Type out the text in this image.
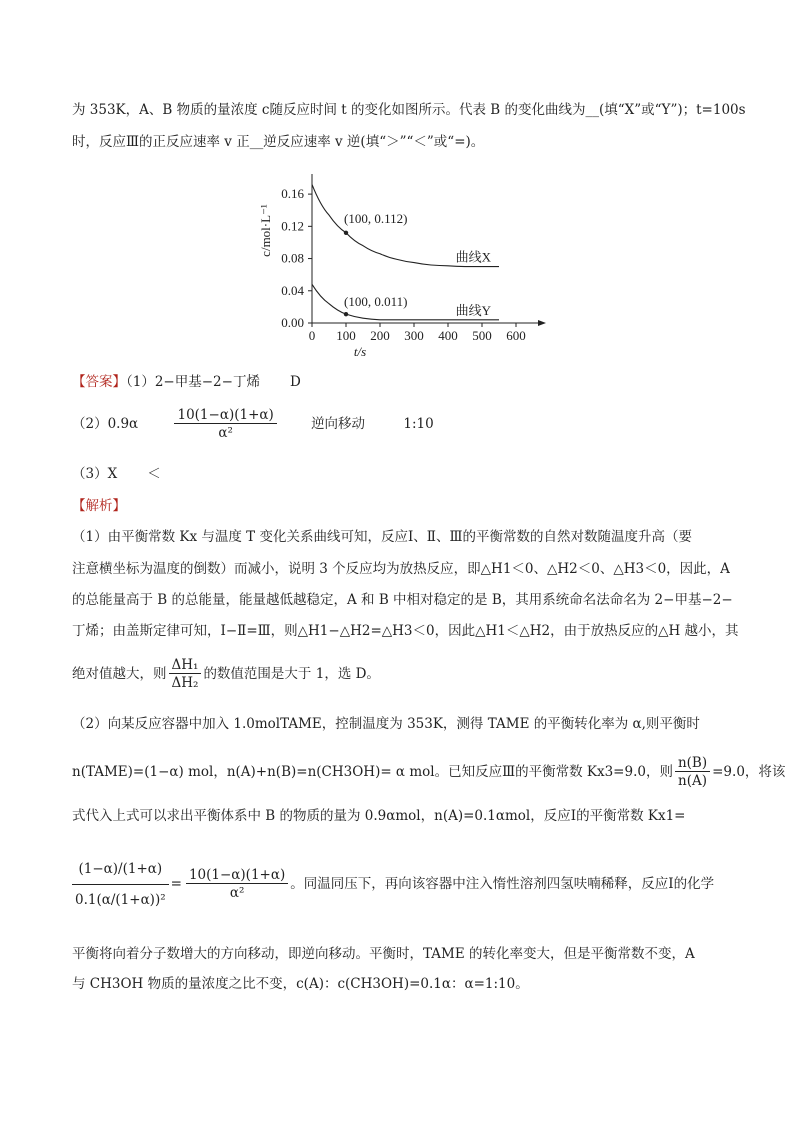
为 353K，A、B 物质的量浓度 c随反应时间 t 的变化如图所示。代表 B 的变化曲线为__(填“X”或“Y”)；t=100s
时，反应Ⅲ的正反应速率 v 正__逆反应速率 v 逆(填“＞”“＜”或“=)。
0 100 200 300 400 500 600
0.00
0.04
0.08
0.12
0.16
t/s
c/mol·L⁻¹
曲线X
曲线Y
(100, 0.112)
(100, 0.011)
【答案】（1）2−甲基−2−丁烯 D
（2）0.9α	$\frac{10(1-\alpha)(1+\alpha)}{\text{α²}}$	逆向移动	1:10
（3）X ＜
【解析】
（1）由平衡常数 Kx 与温度 T 变化关系曲线可知，反应Ⅰ、Ⅱ、Ⅲ的平衡常数的自然对数随温度升高（要
注意横坐标为温度的倒数）而减小，说明 3 个反应均为放热反应，即△H1＜0、△H2＜0、△H3＜0，因此，A
的总能量高于 B 的总能量，能量越低越稳定，A 和 B 中相对稳定的是 B，其用系统命名法命名为 2−甲基−2−
丁烯；由盖斯定律可知，Ⅰ−Ⅱ=Ⅲ，则△H1−△H2=△H3＜0，因此△H1＜△H2，由于放热反应的△H 越小，其
绝对值越大，则 $\frac{\text{ΔH₁}}{\text{ΔH₂}}$ 的数值范围是大于 1，选 D。
（2）向某反应容器中加入 1.0molTAME，控制温度为 353K，测得 TAME 的平衡转化率为 α,则平衡时
n(TAME)=(1−α) mol，n(A)+n(B)=n(CH3OH)= α mol。已知反应Ⅲ的平衡常数 Kx3=9.0，则 $\frac{n(B)}{n(A)} =9.0$，将该
式代入上式可以求出平衡体系中 B 的物质的量为 0.9αmol，n(A)=0.1αmol，反应Ⅰ的平衡常数 Kx1=
$\frac{(1-\alpha)/(1+\alpha)}{\text{0.1(α/(1+α))²}} = \frac{10(1-\alpha)(1+\alpha)}{\text{α²}}$ 。同温同压下，再向该容器中注入惰性溶剂四氢呋喃稀释，反应Ⅰ的化学
平衡将向着分子数增大的方向移动，即逆向移动。平衡时，TAME 的转化率变大，但是平衡常数不变，A
与 CH3OH 物质的量浓度之比不变，c(A)：c(CH3OH)=0.1α：α=1:10。
